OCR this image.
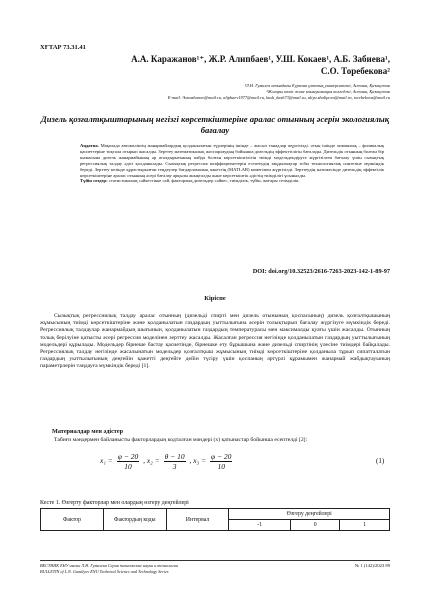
ХҒТАР 73.31.41
А.А. Каражанов¹⁺, Ж.Р. Алипбаев¹, У.Ш. Кокаев¹, А.Б. Забиева¹,
С.О. Торебекова²
¹Л.Н. Гумилев атындағы Еуразия ұлттық университеті, Астана, Қазақстан
²Жоғары көлік және коммуникация колледжі, Астана, Қазақстан
E-mail: ¹karazhanov@mail.ru, alipbaev1977@mail.ru, kush_kash73@mail.ru, aliya.zhalipova@mail.ru, torebekova@mail.ru
Дизель қозғалтқыштарының негізгі көрсеткіштеріне аралас отынның әсерін экологиялық бағалау
Аңдатпа. Мақалада автокөліктің жанармайлардың қолданылатын түрлерінің ішінде – жасыл танадлар жүргізілді. отын ішінде химиялық – физикалық қасиеттеріне тоқтала отырып жасалды. Зерттеу математикалық жоспарлаудың бойынша дизельдің эффекттілігін бағалады. Дизельдік отынның болған бір шамасына дизель жанармайының әр аталдырытының пайда болған көрсеткіштілігін тиімді модельдендіруге жүргізілген бағалау үшін сызықтық регрессиялық талдау әдісі қолданылады. Сызықтық регрессия коэффициенттерін есептеудің заңдылықтар тобы технологиялық синтезіне мүмкіндік береді. Зерттеу кезінде құрастырылған теңдеулер бағдарламалық пакеттің (MATLAB) көмегімен жүргізілді. Зерттеудің нәтижесінде дизельдің эффектілік көрсеткіштеріне аралас отынның әсері бағалау арқылы анықталды және көрсеткіштік әдістің тиімділігі ұсынылды.
Түйін сөздер: статистикалық сәйкестікке сай, факторлық дизельдер сәйкес, тиімділік, түйін, жоғары сезімділік.
DOI: doi.org/10.32523/2616-7263-2023-142-1-89-97
Кіріспе

Сызықтық регрессиялық талдау аралас отынның (дизельді спирті мен дизель отынының қоспасының) дизель қозғалтқышының жұмысының тиімді көрсеткіштеріне және қолданылатын газдардың уыттылығына әсерін толықтырып бағалау жүргізуге мүмкіндік береді. Регрессиялық талдаулар жанармайдың шығынын, қолданылатын газдардың температурасы мен максималды қуаты үшін жасалды. Отынның толық берілуіне қатысты әсері регрессия моделінен зерттеу жасалды. Жасалған регрессия негізінде қолданылатын газдардың уыттылығының модельдері құрылады. Модельдер бірнеше бастау қасиетінде, бірнешке ету бұрышына және дизельді спиртінің үлесіне тиімдері байқалады. Регрессиялық талдау негізінде жасалынатын модельдер қозғалтқыш жұмысының тиімді көрсеткіштеріне қолданыла тұрып сипатталатын газдардың уыттылығының деңгейін қажетті деңгейге дейін түсіру үшін қоспаның әртүрлі құрамымен жанармай жабдықтауының параметрлерін таңдауға мүмкіндік береді [1].

Материалдар мен әдістер

Табиғи мәндермен байланысты факторлардың кодталған мәндері (x) қатынастар бойынша есептелді [2]:

$x_1 = \frac{\varphi - 20}{10}$ , $x_2 = \frac{\theta - 10}{3}$ , $x_3 = \frac{\varphi - 20}{10}$	(1)
Кесте 1. Өзгерту факторлар мен олардың өзгеру деңгейлері
Фактор	Фактордың коды	Интервал	Өзгеру деңгейлері		
			-1	0	1
ВЕСТНИК ЕНУ имени Л.Н. Гумилева Серия технические науки и технологии
BULLETIN of L.N. Gumilyov ENU Technical Science and Technology Series
№ 1 (142)/2023 89
